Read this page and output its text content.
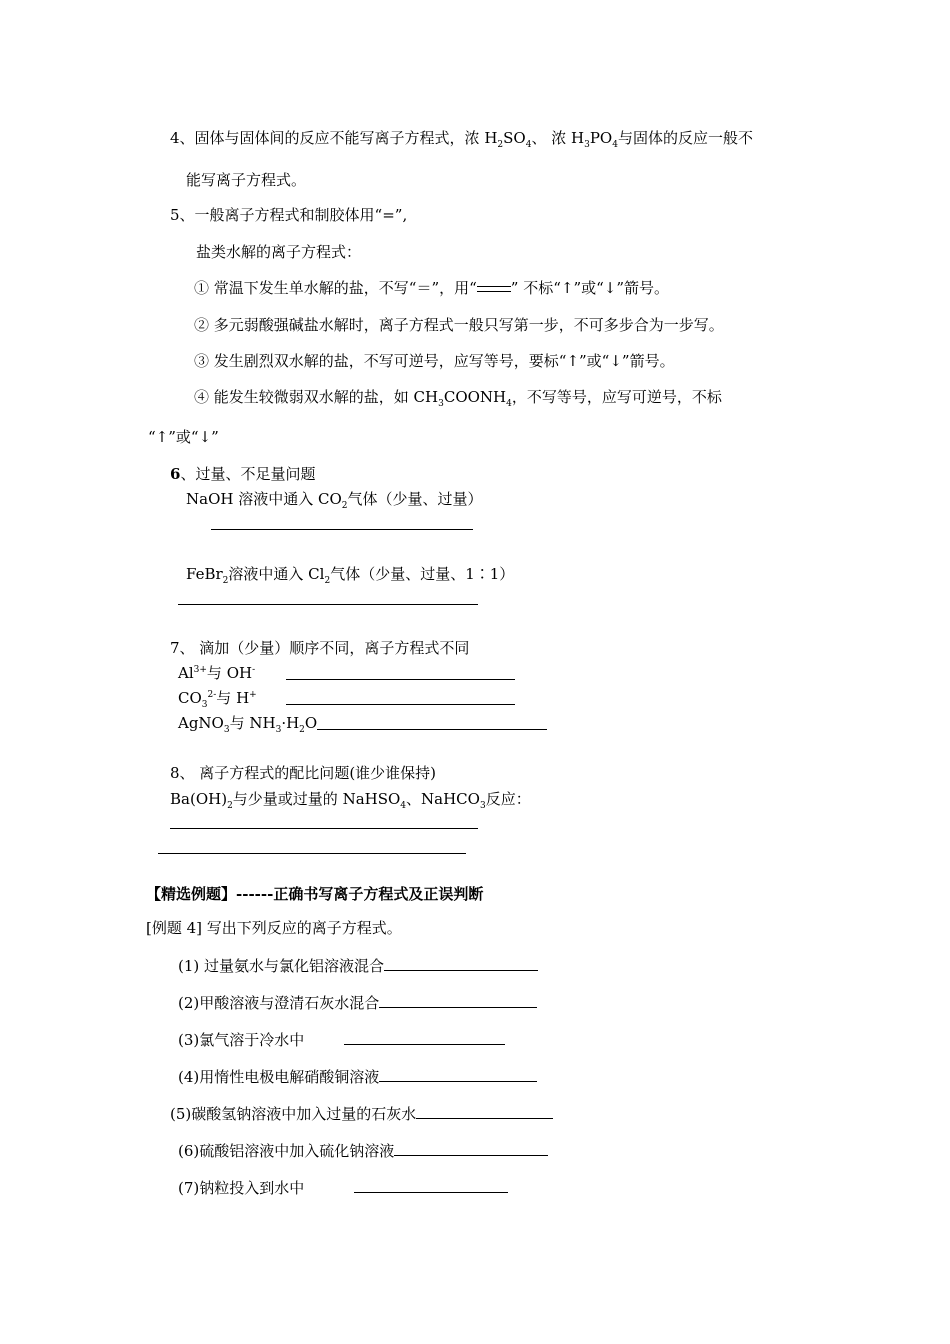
4、固体与固体间的反应不能写离子方程式，浓 $H_2SO_4$、 浓 $H_3PO_4$与固体的反应一般不
能写离子方程式。
5、一般离子方程式和制胶体用“=”,
盐类水解的离子方程式：
① 常温下发生单水解的盐，不写“＝”，用“ ” 不标“↑”或“↓”箭号。
② 多元弱酸强碱盐水解时，离子方程式一般只写第一步，不可多步合为一步写。
③ 发生剧烈双水解的盐，不写可逆号，应写等号，要标“↑”或“↓”箭号。
④ 能发生较微弱双水解的盐，如 $CH_3COONH_4$，不写等号，应写可逆号，不标
“↑”或“↓”
6、过量、不足量问题
NaOH 溶液中通入 $CO_2$气体（少量、过量）
FeBr$_2$溶液中通入 $Cl_2$气体（少量、过量、1∶1）
7、 滴加（少量）顺序不同，离子方程式不同
$Al^{3+}$与 OH-
$CO_3^{2-}$与 H+
AgNO$_3$与 $NH_3\cdot H_2O$
8、 离子方程式的配比问题(谁少谁保持)
$Ba(OH)_2$与少量或过量的 NaHSO$_4$、NaHCO$_3$反应：
【精选例题】------正确书写离子方程式及正误判断
[例题 4] 写出下列反应的离子方程式。
(1) 过量氨水与氯化铝溶液混合
(2)甲酸溶液与澄清石灰水混合
(3)氯气溶于冷水中
(4)用惰性电极电解硝酸铜溶液
(5)碳酸氢钠溶液中加入过量的石灰水
(6)硫酸铝溶液中加入硫化钠溶液
(7)钠粒投入到水中
